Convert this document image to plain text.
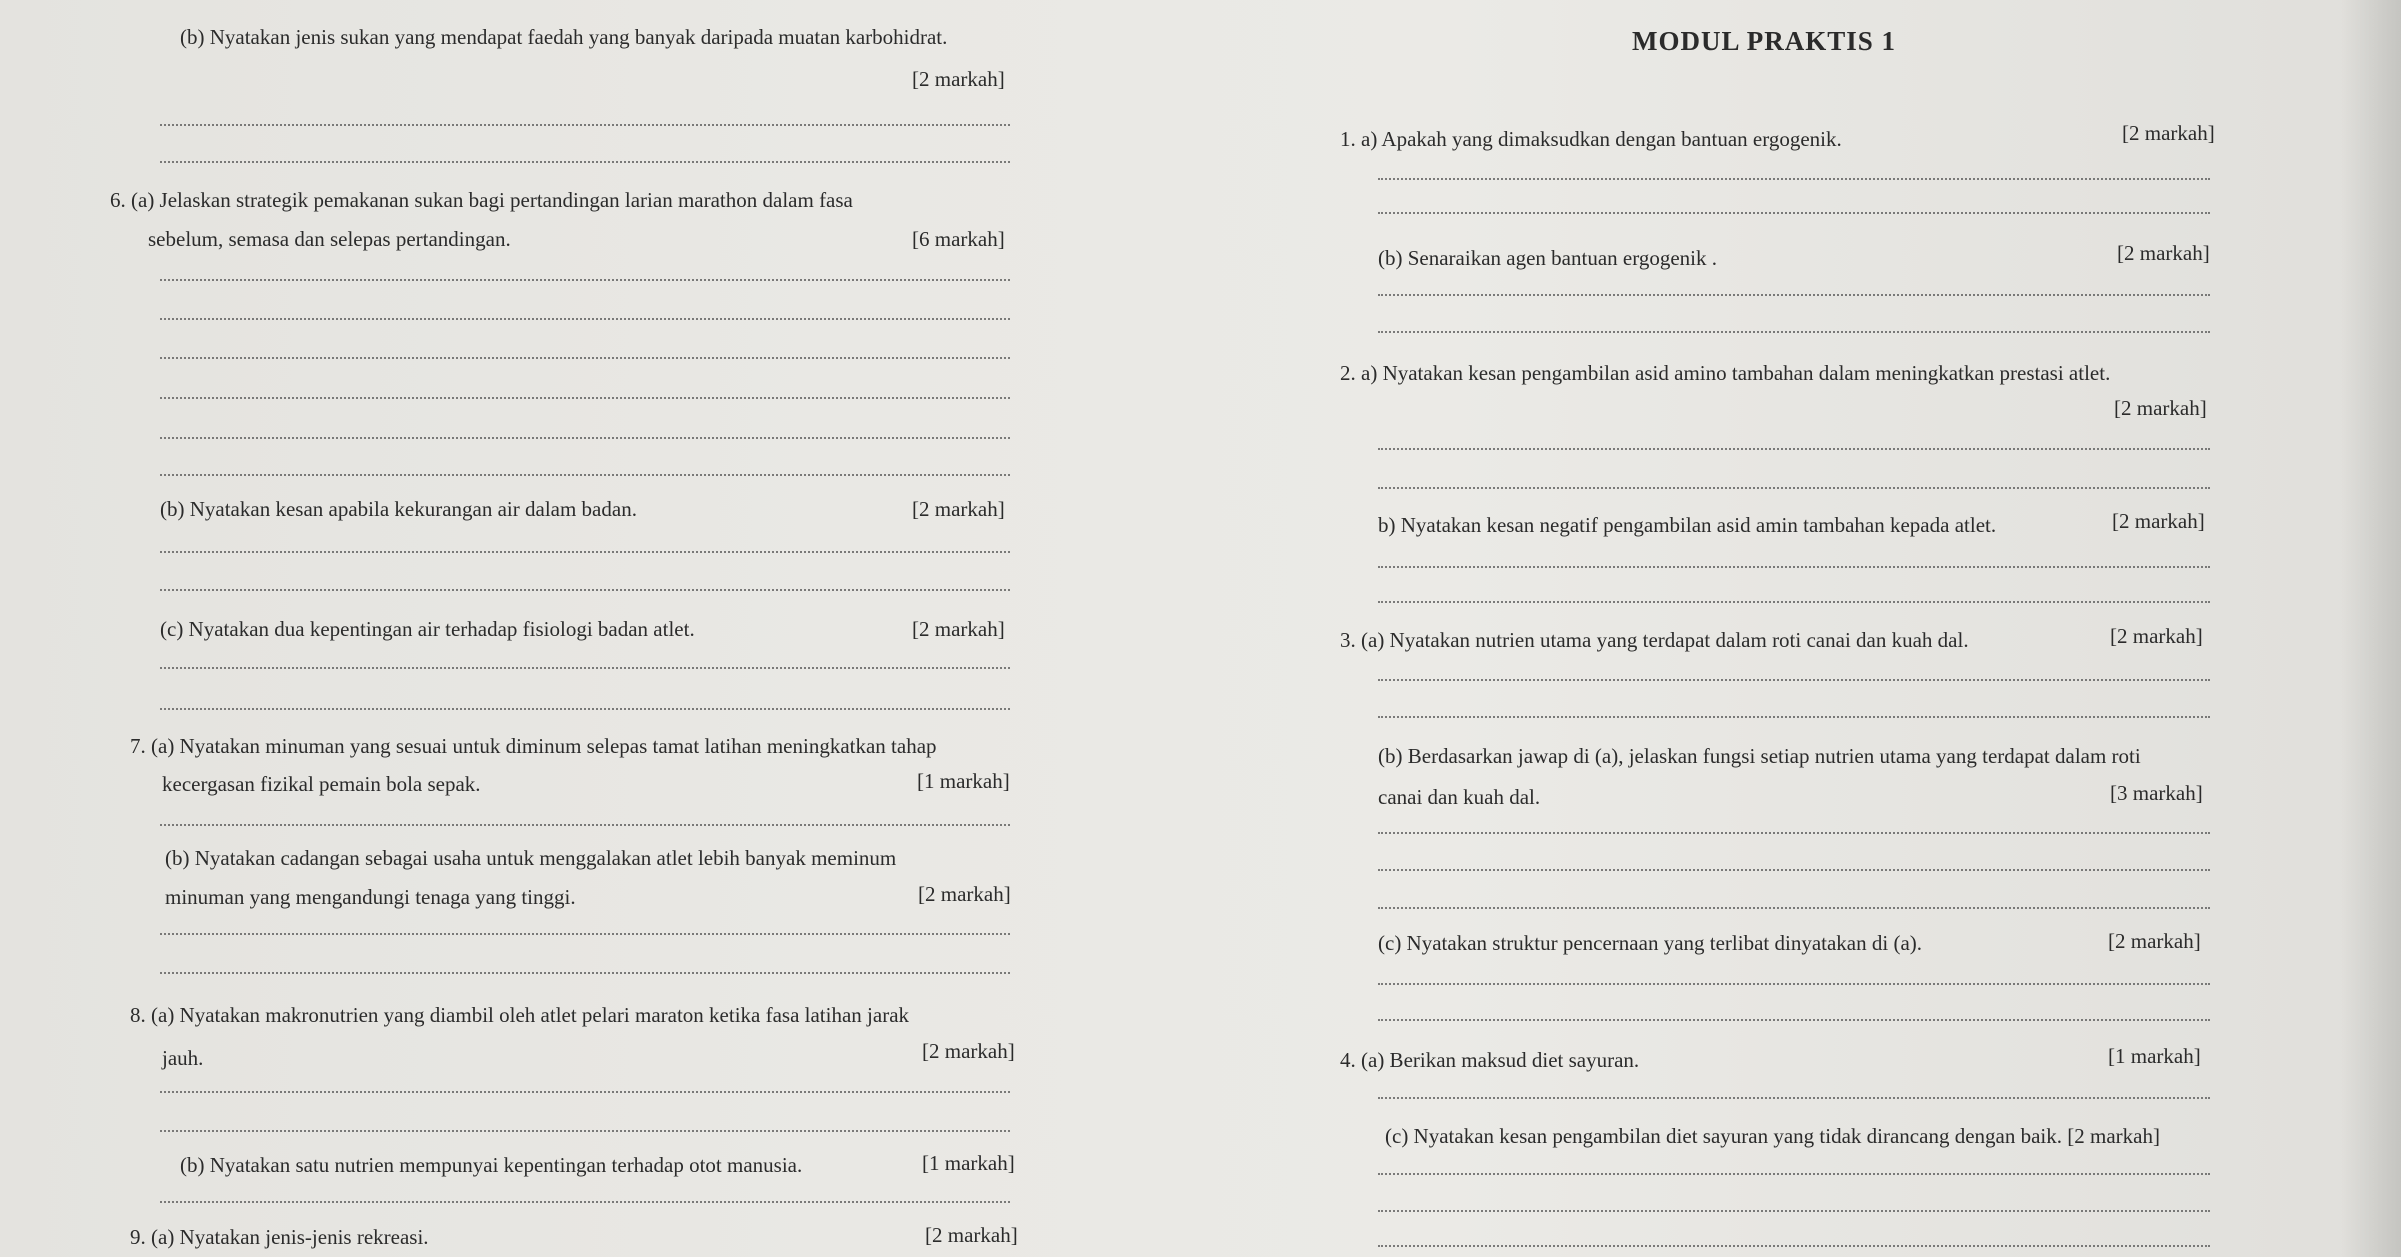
MODUL PRAKTIS 1
(b) Nyatakan jenis sukan yang mendapat faedah yang banyak daripada muatan karbohidrat.
[2 markah]
6. (a) Jelaskan strategik pemakanan sukan bagi pertandingan larian marathon dalam fasa
sebelum, semasa dan selepas pertandingan.	[6 markah]
(b) Nyatakan kesan apabila kekurangan air dalam badan.	[2 markah]
(c) Nyatakan dua kepentingan air terhadap fisiologi badan atlet.	[2 markah]
7. (a) Nyatakan minuman yang sesuai untuk diminum selepas tamat latihan meningkatkan tahap
kecergasan fizikal pemain bola sepak.	[1 markah]
(b) Nyatakan cadangan sebagai usaha untuk menggalakan atlet lebih banyak meminum
minuman yang mengandungi tenaga yang tinggi.	[2 markah]
8. (a) Nyatakan makronutrien yang diambil oleh atlet pelari maraton ketika fasa latihan jarak
jauh.	[2 markah]
(b) Nyatakan satu nutrien mempunyai kepentingan terhadap otot manusia.	[1 markah]
9. (a) Nyatakan jenis-jenis rekreasi.	[2 markah]
1. a) Apakah yang dimaksudkan dengan bantuan ergogenik.	[2 markah]
(b) Senaraikan agen bantuan ergogenik .	[2 markah]
2. a) Nyatakan kesan pengambilan asid amino tambahan dalam meningkatkan prestasi atlet.
[2 markah]
b) Nyatakan kesan negatif pengambilan asid amin tambahan kepada atlet.	[2 markah]
3. (a) Nyatakan nutrien utama yang terdapat dalam roti canai dan kuah dal.	[2 markah]
(b) Berdasarkan jawap di (a), jelaskan fungsi setiap nutrien utama yang terdapat dalam roti
canai dan kuah dal.	[3 markah]
(c) Nyatakan struktur pencernaan yang terlibat dinyatakan di (a).	[2 markah]
4. (a) Berikan maksud diet sayuran.	[1 markah]
(c) Nyatakan kesan pengambilan diet sayuran yang tidak dirancang dengan baik. [2 markah]
